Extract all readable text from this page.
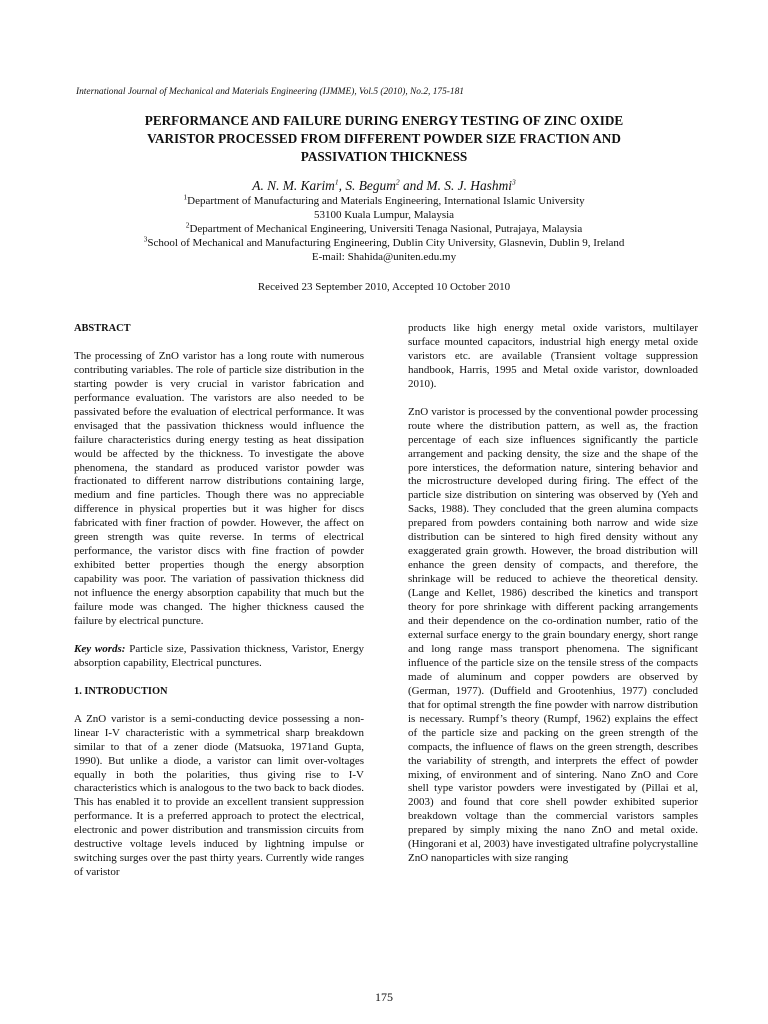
International Journal of Mechanical and Materials Engineering (IJMME), Vol.5 (2010), No.2, 175-181
PERFORMANCE AND FAILURE DURING ENERGY TESTING OF ZINC OXIDE
VARISTOR PROCESSED FROM DIFFERENT POWDER SIZE FRACTION AND
PASSIVATION THICKNESS
A. N. M. Karim$^1$, S. Begum$^2$ and M. S. J. Hashmi$^3$
$^1$Department of Manufacturing and Materials Engineering, International Islamic University
53100 Kuala Lumpur, Malaysia
$^2$Department of Mechanical Engineering, Universiti Tenaga Nasional, Putrajaya, Malaysia
$^3$School of Mechanical and Manufacturing Engineering, Dublin City University, Glasnevin, Dublin 9, Ireland
E-mail: Shahida@uniten.edu.my
Received 23 September 2010, Accepted 10 October 2010

ABSTRACT

The processing of ZnO varistor has a long route with numerous contributing variables. The role of particle size distribution in the starting powder is very crucial in varistor fabrication and performance evaluation. The varistors are also needed to be passivated before the evaluation of electrical performance. It was envisaged that the passivation thickness would influence the failure characteristics during energy testing as heat dissipation would be affected by the thickness. To investigate the above phenomena, the standard as produced varistor powder was fractionated to different narrow distributions containing large, medium and fine particles. Though there was no appreciable difference in physical properties but it was higher for discs fabricated with finer fraction of powder. However, the affect on green strength was quite reverse. In terms of electrical performance, the varistor discs with fine fraction of powder exhibited better properties though the energy absorption capability was poor. The variation of passivation thickness did not influence the energy absorption capability that much but the failure mode was changed. The higher thickness caused the failure by electrical puncture.

Key words: Particle size, Passivation thickness, Varistor, Energy absorption capability, Electrical punctures.

1. INTRODUCTION

A ZnO varistor is a semi-conducting device possessing a non-linear I-V characteristic with a symmetrical sharp breakdown similar to that of a zener diode (Matsuoka, 1971and Gupta, 1990). But unlike a diode, a varistor can limit over-voltages equally in both the polarities, thus giving rise to I-V characteristics which is analogous to the two back to back diodes. This has enabled it to provide an excellent transient suppression performance. It is a preferred approach to protect the electrical, electronic and power distribution and transmission circuits from destructive voltage levels induced by lightning impulse or switching surges over the past thirty years. Currently wide ranges of varistor

products like high energy metal oxide varistors, multilayer surface mounted capacitors, industrial high energy metal oxide varistors etc. are available (Transient voltage suppression handbook, Harris, 1995 and Metal oxide varistor, downloaded 2010).

ZnO varistor is processed by the conventional powder processing route where the distribution pattern, as well as, the fraction percentage of each size influences significantly the particle arrangement and packing density, the size and the shape of the pore interstices, the deformation nature, sintering behavior and the microstructure developed during firing. The effect of the particle size distribution on sintering was observed by (Yeh and Sacks, 1988). They concluded that the green alumina compacts prepared from powders containing both narrow and wide size distribution can be sintered to high fired density without any exaggerated grain growth. However, the broad distribution will enhance the green density of compacts, and therefore, the shrinkage will be reduced to achieve the theoretical density. (Lange and Kellet, 1986) described the kinetics and transport theory for pore shrinkage with different packing arrangements and their dependence on the co-ordination number, ratio of the external surface energy to the grain boundary energy, short range and long range mass transport phenomena. The significant influence of the particle size on the tensile stress of the compacts made of aluminum and copper powders are observed by (German, 1977). (Duffield and Grootenhius, 1977) concluded that for optimal strength the fine powder with narrow distribution is necessary. Rumpf’s theory (Rumpf, 1962) explains the effect of the particle size and packing on the green strength of the compacts, the influence of flaws on the green strength, describes the variability of strength, and interprets the effect of powder mixing, of environment and of sintering. Nano ZnO and Core shell type varistor powders were investigated by (Pillai et al, 2003) and found that core shell powder exhibited superior breakdown voltage than the commercial varistors samples prepared by simply mixing the nano ZnO and metal oxide. (Hingorani et al, 2003) have investigated ultrafine polycrystalline ZnO nanoparticles with size ranging

175
